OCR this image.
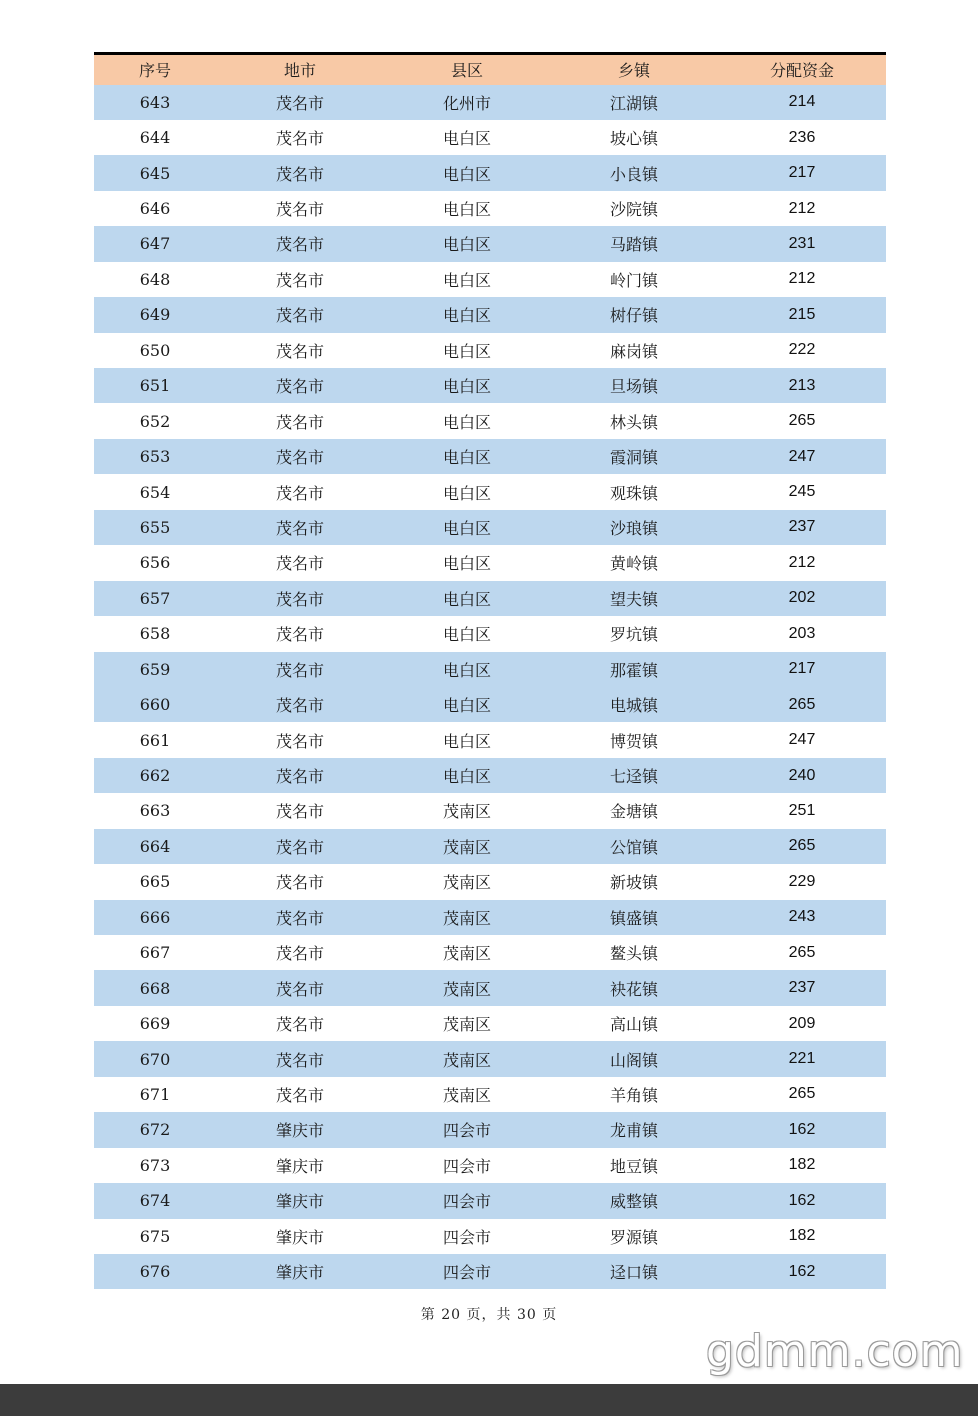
序号	地市	县区	乡镇	分配资金
643	茂名市	化州市	江湖镇	214
644	茂名市	电白区	坡心镇	236
645	茂名市	电白区	小良镇	217
646	茂名市	电白区	沙院镇	212
647	茂名市	电白区	马踏镇	231
648	茂名市	电白区	岭门镇	212
649	茂名市	电白区	树仔镇	215
650	茂名市	电白区	麻岗镇	222
651	茂名市	电白区	旦场镇	213
652	茂名市	电白区	林头镇	265
653	茂名市	电白区	霞洞镇	247
654	茂名市	电白区	观珠镇	245
655	茂名市	电白区	沙琅镇	237
656	茂名市	电白区	黄岭镇	212
657	茂名市	电白区	望夫镇	202
658	茂名市	电白区	罗坑镇	203
659	茂名市	电白区	那霍镇	217
660	茂名市	电白区	电城镇	265
661	茂名市	电白区	博贺镇	247
662	茂名市	电白区	七迳镇	240
663	茂名市	茂南区	金塘镇	251
664	茂名市	茂南区	公馆镇	265
665	茂名市	茂南区	新坡镇	229
666	茂名市	茂南区	镇盛镇	243
667	茂名市	茂南区	鳌头镇	265
668	茂名市	茂南区	袂花镇	237
669	茂名市	茂南区	高山镇	209
670	茂名市	茂南区	山阁镇	221
671	茂名市	茂南区	羊角镇	265
672	肇庆市	四会市	龙甫镇	162
673	肇庆市	四会市	地豆镇	182
674	肇庆市	四会市	威整镇	162
675	肇庆市	四会市	罗源镇	182
676	肇庆市	四会市	迳口镇	162
第 20 页，共 30 页
gdmm.com
